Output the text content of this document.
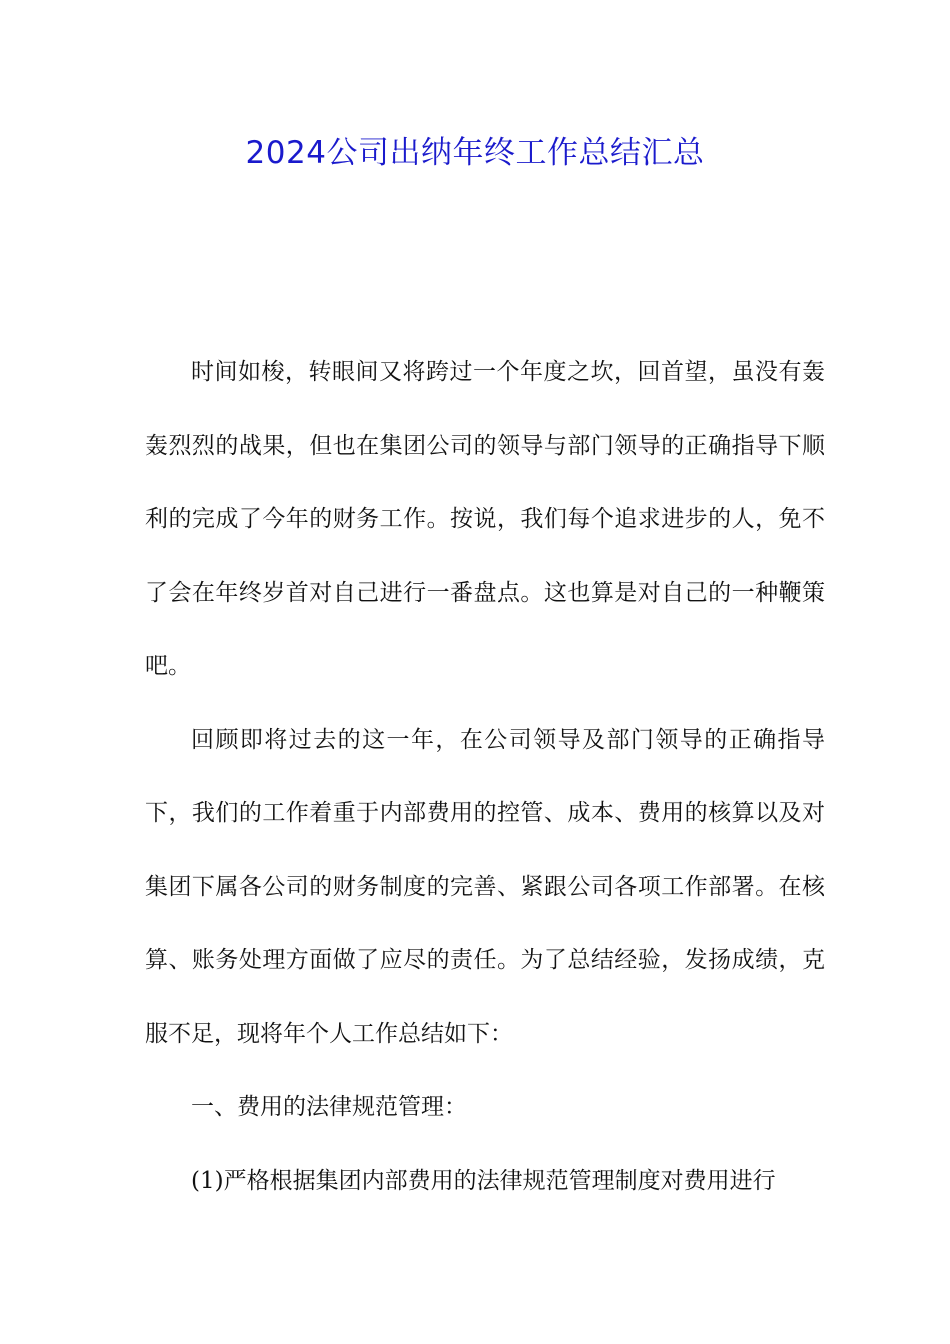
2024公司出纳年终工作总结汇总

时间如梭，转眼间又将跨过一个年度之坎，回首望，虽没有轰轰烈烈的战果，但也在集团公司的领导与部门领导的正确指导下顺利的完成了今年的财务工作。按说，我们每个追求进步的人，免不了会在年终岁首对自己进行一番盘点。这也算是对自己的一种鞭策吧。

回顾即将过去的这一年，在公司领导及部门领导的正确指导下，我们的工作着重于内部费用的控管、成本、费用的核算以及对集团下属各公司的财务制度的完善、紧跟公司各项工作部署。在核算、账务处理方面做了应尽的责任。为了总结经验，发扬成绩，克服不足，现将年个人工作总结如下：

一、费用的法律规范管理：

(1)严格根据集团内部费用的法律规范管理制度对费用进行
